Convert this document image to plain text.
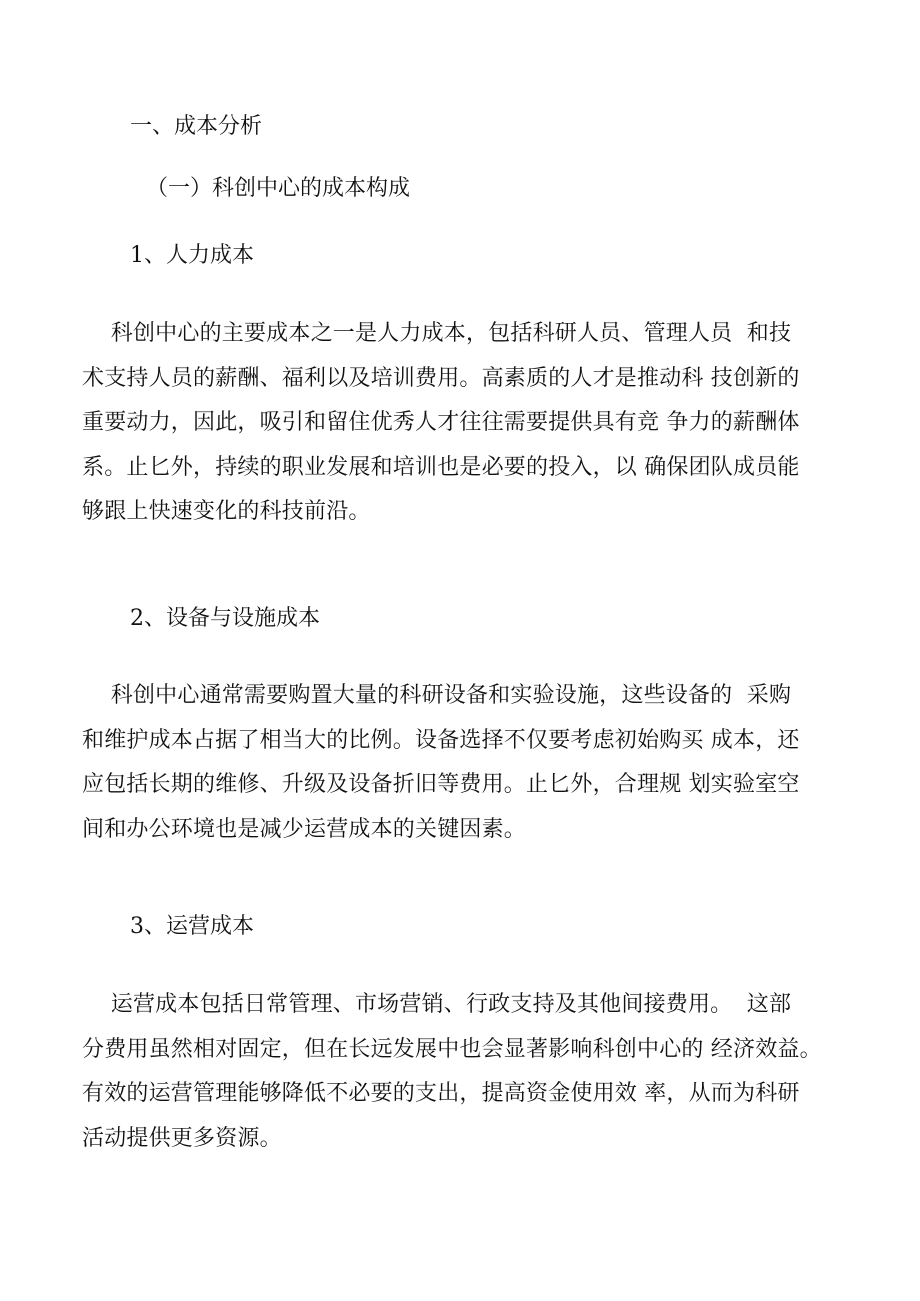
一、成本分析
（一）科创中心的成本构成
1、人力成本

科创中心的主要成本之一是人力成本，包括科研人员、管理人员  和技
术支持人员的薪酬、福利以及培训费用。高素质的人才是推动科 技创新的
重要动力，因此，吸引和留住优秀人才往往需要提供具有竞 争力的薪酬体
系。止匕外，持续的职业发展和培训也是必要的投入，以 确保团队成员能
够跟上快速变化的科技前沿。

2、设备与设施成本

科创中心通常需要购置大量的科研设备和实验设施，这些设备的  采购
和维护成本占据了相当大的比例。设备选择不仅要考虑初始购买 成本，还
应包括长期的维修、升级及设备折旧等费用。止匕外，合理规 划实验室空
间和办公环境也是减少运营成本的关键因素。

3、运营成本

运营成本包括日常管理、市场营销、行政支持及其他间接费用。  这部
分费用虽然相对固定，但在长远发展中也会显著影响科创中心的 经济效益。
有效的运营管理能够降低不必要的支出，提高资金使用效 率，从而为科研
活动提供更多资源。
